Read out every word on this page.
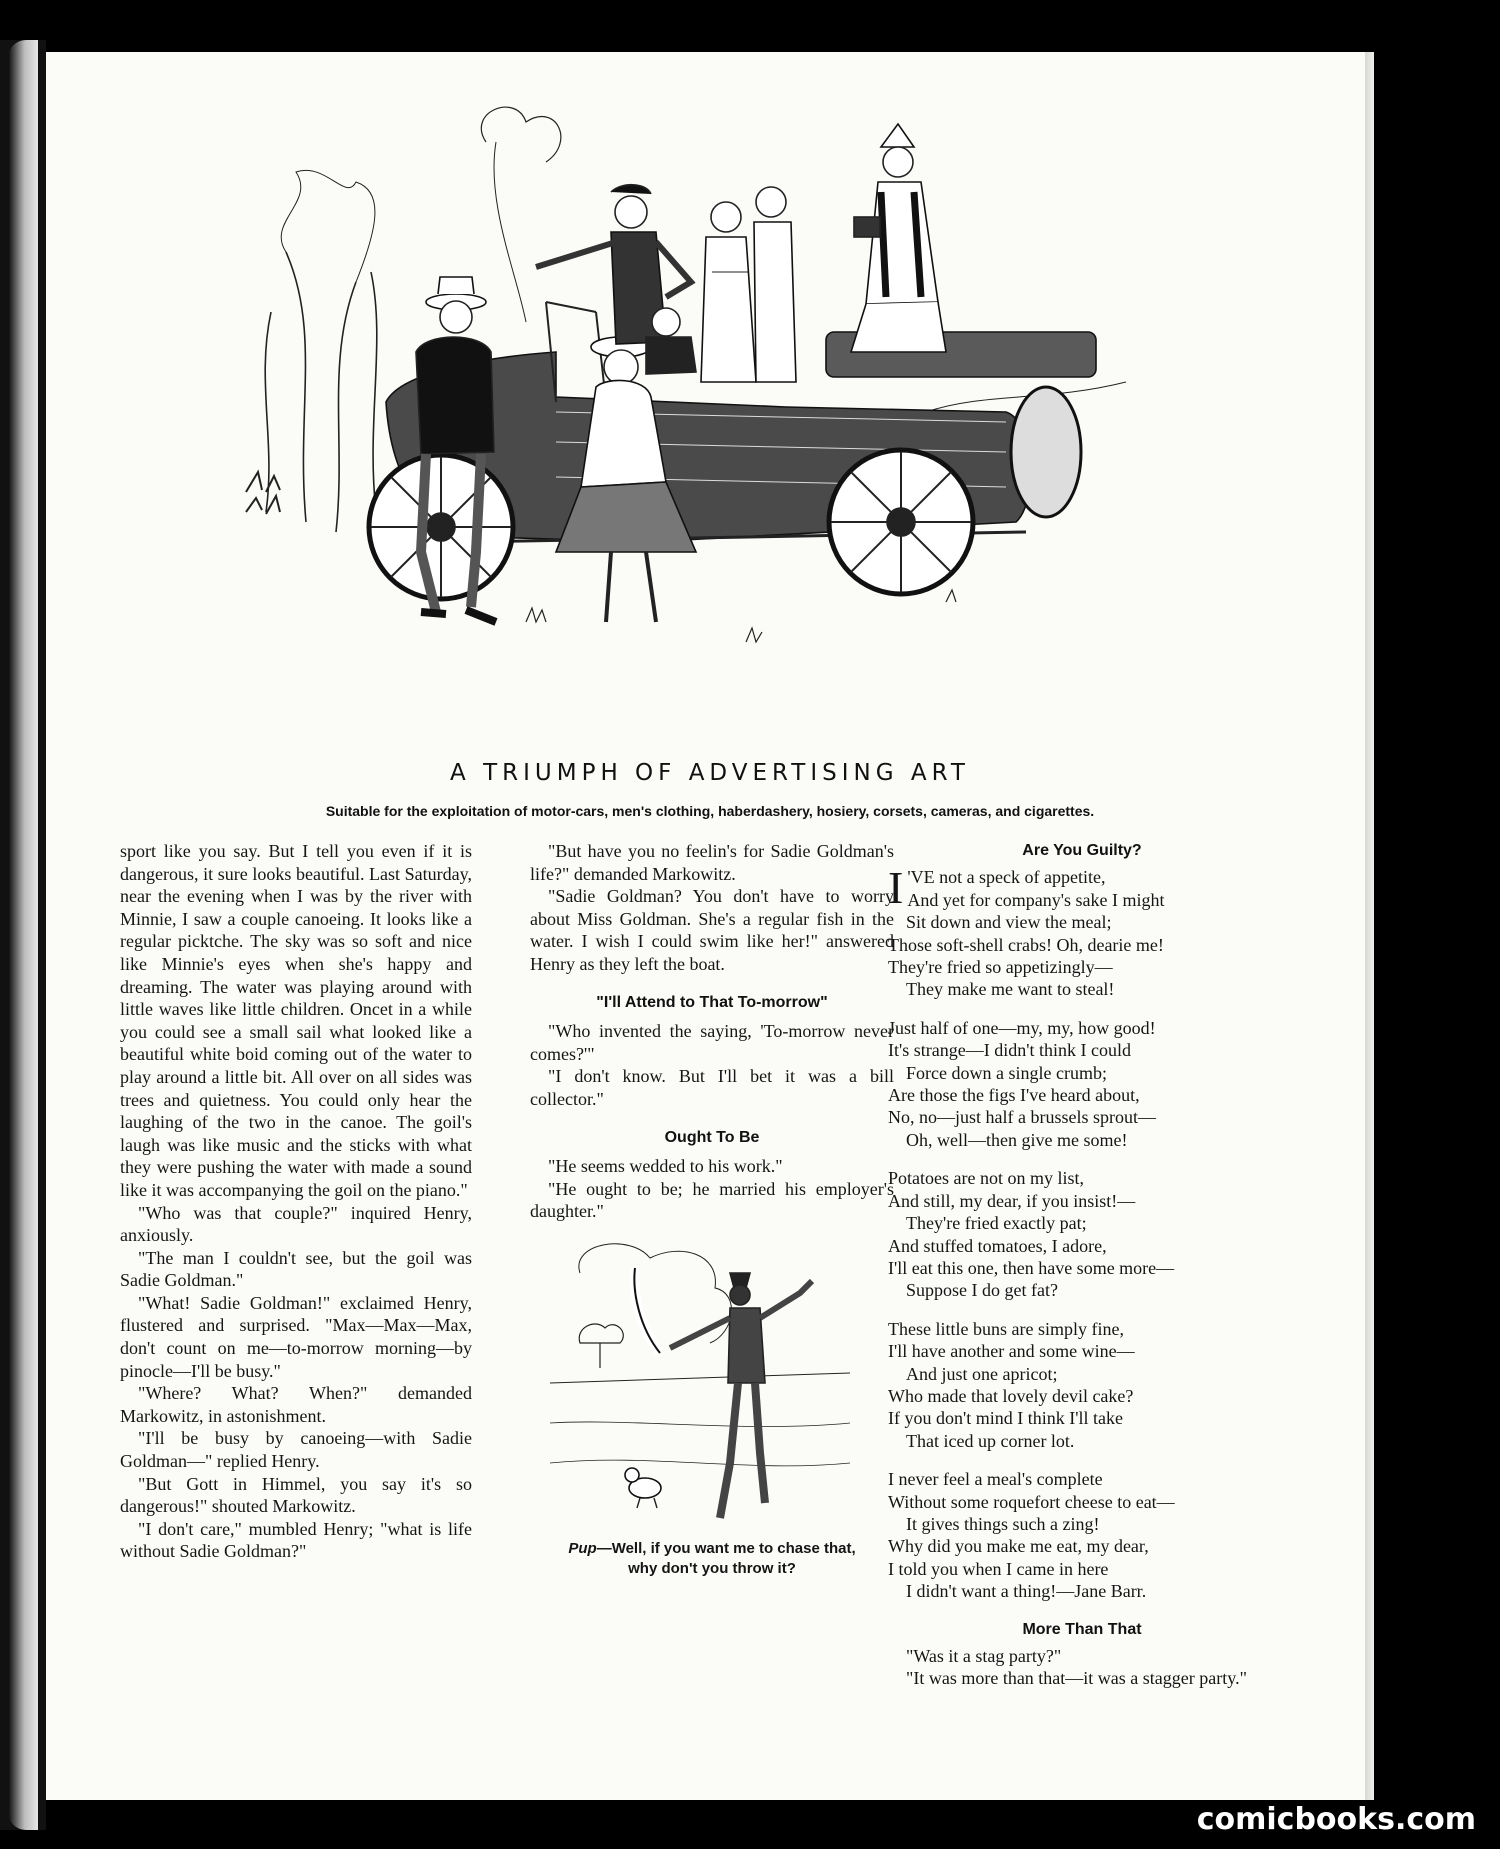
A TRIUMPH OF ADVERTISING ART
Suitable for the exploitation of motor-cars, men's clothing, haberdashery, hosiery, corsets, cameras, and cigarettes.

sport like you say. But I tell you even if it is dangerous, it sure looks beautiful. Last Saturday, near the evening when I was by the river with Minnie, I saw a couple canoeing. It looks like a regular picktche. The sky was so soft and nice like Minnie's eyes when she's happy and dreaming. The water was playing around with little waves like little children. Oncet in a while you could see a small sail what looked like a beautiful white boid coming out of the water to play around a little bit. All over on all sides was trees and quietness. You could only hear the laughing of the two in the canoe. The goil's laugh was like music and the sticks with what they were pushing the water with made a sound like it was accompanying the goil on the piano."

"Who was that couple?" inquired Henry, anxiously.

"The man I couldn't see, but the goil was Sadie Goldman."

"What! Sadie Goldman!" exclaimed Henry, flustered and surprised. "Max—Max—Max, don't count on me—to-morrow morning—by pinocle—I'll be busy."

"Where? What? When?" demanded Markowitz, in astonishment.

"I'll be busy by canoeing—with Sadie Goldman—" replied Henry.

"But Gott in Himmel, you say it's so dangerous!" shouted Markowitz.

"I don't care," mumbled Henry; "what is life without Sadie Goldman?"

"But have you no feelin's for Sadie Goldman's life?" demanded Markowitz.

"Sadie Goldman? You don't have to worry about Miss Goldman. She's a regular fish in the water. I wish I could swim like her!" answered Henry as they left the boat.

"I'll Attend to That To-morrow"

"Who invented the saying, 'To-morrow never comes?'"

"I don't know. But I'll bet it was a bill collector."

Ought To Be

"He seems wedded to his work."

"He ought to be; he married his employer's daughter."

Pup—Well, if you want me to chase that,
why don't you throw it?
Are You Guilty?
I 'VE not a speck of appetite,
And yet for company's sake I might
Sit down and view the meal;
Those soft-shell crabs! Oh, dearie me!
They're fried so appetizingly—
They make me want to steal!
Just half of one—my, my, how good!
It's strange—I didn't think I could
Force down a single crumb;
Are those the figs I've heard about,
No, no—just half a brussels sprout—
Oh, well—then give me some!
Potatoes are not on my list,
And still, my dear, if you insist!—
They're fried exactly pat;
And stuffed tomatoes, I adore,
I'll eat this one, then have some more—
Suppose I do get fat?
These little buns are simply fine,
I'll have another and some wine—
And just one apricot;
Who made that lovely devil cake?
If you don't mind I think I'll take
That iced up corner lot.
I never feel a meal's complete
Without some roquefort cheese to eat—
It gives things such a zing!
Why did you make me eat, my dear,
I told you when I came in here
I didn't want a thing!—Jane Barr.
More Than That

"Was it a stag party?"

"It was more than that—it was a stagger party."

comicbooks.com
